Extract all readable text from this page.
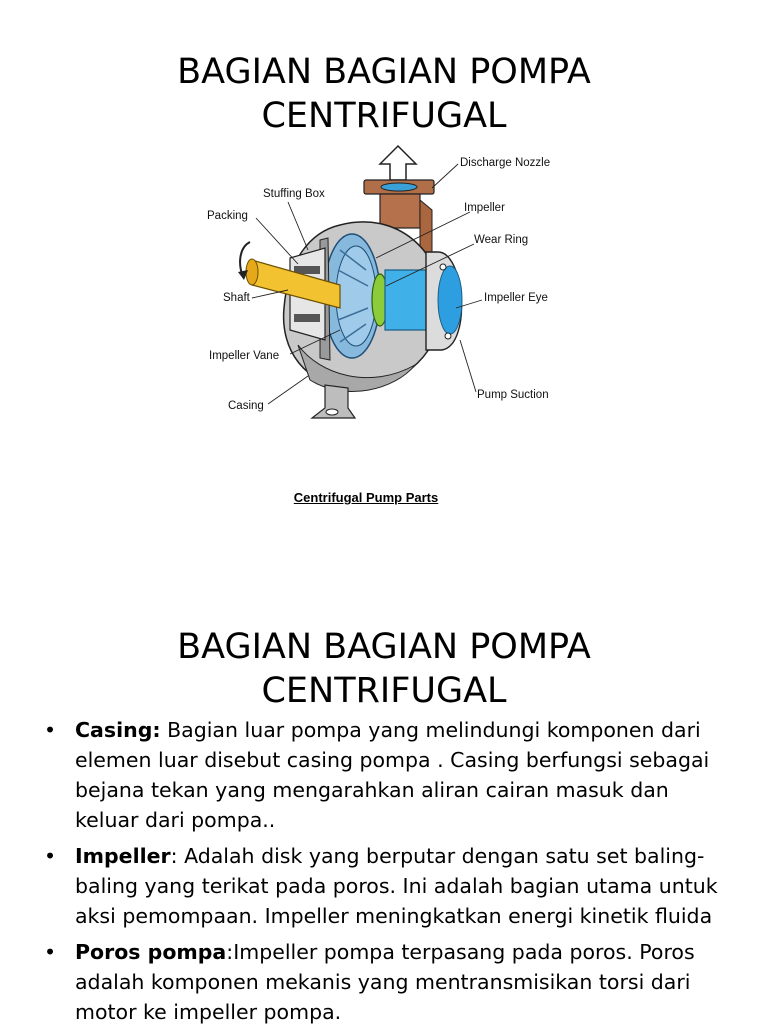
BAGIAN BAGIAN POMPA
CENTRIFUGAL
Discharge Nozzle
Stuffing Box
Packing
Impeller
Wear Ring
Shaft	Impeller Eye
Impeller Vane
Pump Suction
Casing
Centrifugal Pump Parts
BAGIAN BAGIAN POMPA
CENTRIFUGAL
• Casing: Bagian luar pompa yang melindungi komponen dari elemen luar disebut casing pompa . Casing berfungsi sebagai bejana tekan yang mengarahkan aliran cairan masuk dan keluar dari pompa..
• Impeller: Adalah disk yang berputar dengan satu set baling-baling yang terikat pada poros. Ini adalah bagian utama untuk aksi pemompaan. Impeller meningkatkan energi kinetik fluida
• Poros pompa:Impeller pompa terpasang pada poros. Poros adalah komponen mekanis yang mentransmisikan torsi dari motor ke impeller pompa.
